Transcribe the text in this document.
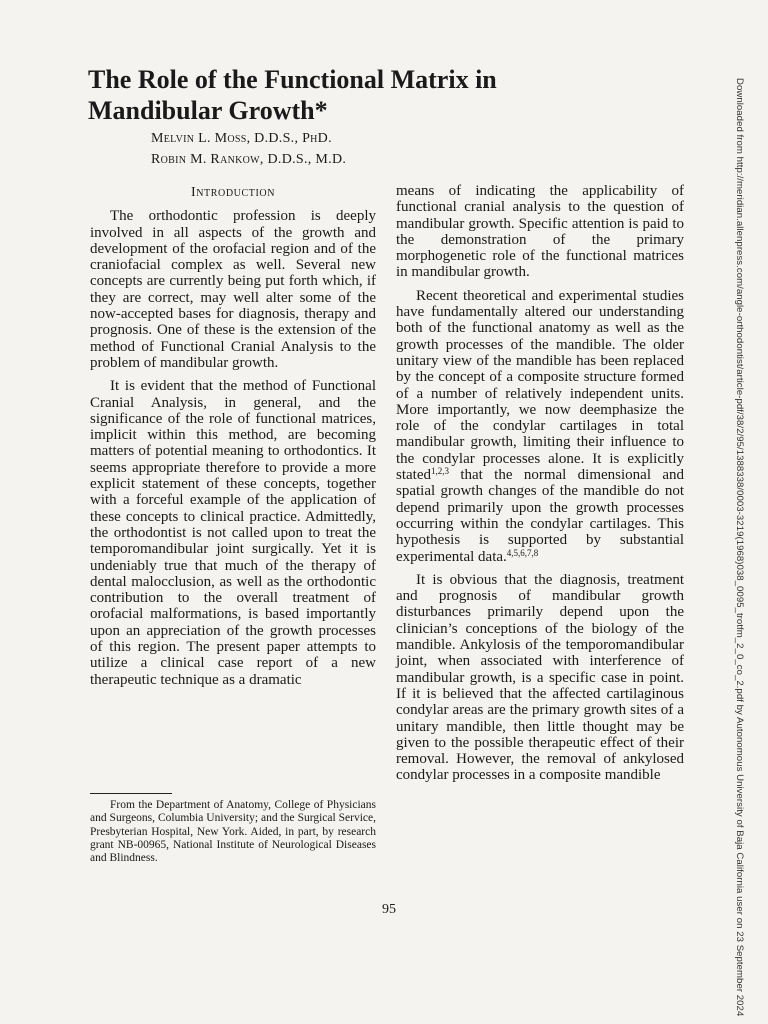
The Role of the Functional Matrix in Mandibular Growth*
Melvin L. Moss, D.D.S., PhD.
Robin M. Rankow, D.D.S., M.D.
Introduction

The orthodontic profession is deeply involved in all aspects of the growth and development of the orofacial region and of the craniofacial complex as well. Several new concepts are currently being put forth which, if they are correct, may well alter some of the now-accepted bases for diagnosis, therapy and prognosis. One of these is the extension of the method of Functional Cranial Analysis to the problem of mandibular growth.

It is evident that the method of Functional Cranial Analysis, in general, and the significance of the role of functional matrices, implicit within this method, are becoming matters of potential meaning to orthodontics. It seems appropriate therefore to provide a more explicit statement of these concepts, together with a forceful example of the application of these concepts to clinical practice. Admittedly, the orthodontist is not called upon to treat the temporomandibular joint surgically. Yet it is undeniably true that much of the therapy of dental malocclusion, as well as the orthodontic contribution to the overall treatment of orofacial malformations, is based importantly upon an appreciation of the growth processes of this region. The present paper attempts to utilize a clinical case report of a new therapeutic technique as a dramatic

means of indicating the applicability of functional cranial analysis to the question of mandibular growth. Specific attention is paid to the demonstration of the primary morphogenetic role of the functional matrices in mandibular growth.

Recent theoretical and experimental studies have fundamentally altered our understanding both of the functional anatomy as well as the growth processes of the mandible. The older unitary view of the mandible has been replaced by the concept of a composite structure formed of a number of relatively independent units. More importantly, we now deemphasize the role of the condylar cartilages in total mandibular growth, limiting their influence to the condylar processes alone. It is explicitly stated$^{1,2,3}$ that the normal dimensional and spatial growth changes of the mandible do not depend primarily upon the growth processes occurring within the condylar cartilages. This hypothesis is supported by substantial experimental data.$^{4,5,6,7,8}$

It is obvious that the diagnosis, treatment and prognosis of mandibular growth disturbances primarily depend upon the clinician’s conceptions of the biology of the mandible. Ankylosis of the temporomandibular joint, when associated with interference of mandibular growth, is a specific case in point. If it is believed that the affected cartilaginous condylar areas are the primary growth sites of a unitary mandible, then little thought may be given to the possible therapeutic effect of their removal. However, the removal of ankylosed condylar processes in a composite mandible

From the Department of Anatomy, College of Physicians and Surgeons, Columbia University; and the Surgical Service, Presbyterian Hospital, New York. Aided, in part, by research grant NB-00965, National Institute of Neurological Diseases and Blindness.
95	Downloaded from http://meridian.allenpress.com/angle-orthodontist/article-pdf/38/2/95/1388338/0003-3219(1968)038_0095_trotfm_2_0_co_2.pdf by Autonomous University of Baja California user on 23 September 2024
